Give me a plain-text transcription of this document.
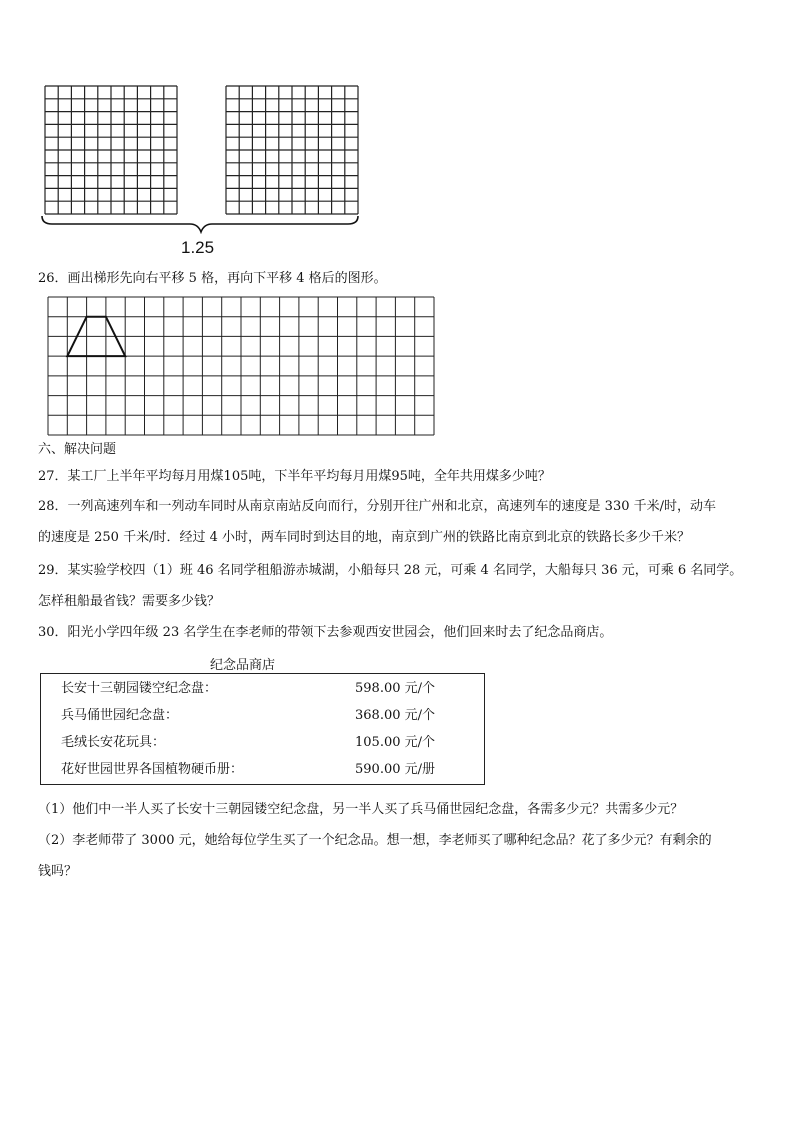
1.25
26．画出梯形先向右平移 5 格，再向下平移 4 格后的图形。
六、解决问题
27．某工厂上半年平均每月用煤105吨，下半年平均每月用煤95吨，全年共用煤多少吨？
28．一列高速列车和一列动车同时从南京南站反向而行，分别开往广州和北京，高速列车的速度是 330 千米/时，动车
的速度是 250 千米/时．经过 4 小时，两车同时到达目的地，南京到广州的铁路比南京到北京的铁路长多少千米？
29．某实验学校四（1）班 46 名同学租船游赤城湖，小船每只 28 元，可乘 4 名同学，大船每只 36 元，可乘 6 名同学。
怎样租船最省钱？需要多少钱？
30．阳光小学四年级 23 名学生在李老师的带领下去参观西安世园会，他们回来时去了纪念品商店。
纪念品商店
长安十三朝园镂空纪念盘：	598.00 元/个
兵马俑世园纪念盘：	368.00 元/个
毛绒长安花玩具：	105.00 元/个
花好世园世界各国植物硬币册：	590.00 元/册
（1）他们中一半人买了长安十三朝园镂空纪念盘，另一半人买了兵马俑世园纪念盘，各需多少元？共需多少元？
（2）李老师带了 3000 元，她给每位学生买了一个纪念品。想一想，李老师买了哪种纪念品？花了多少元？有剩余的
钱吗？
